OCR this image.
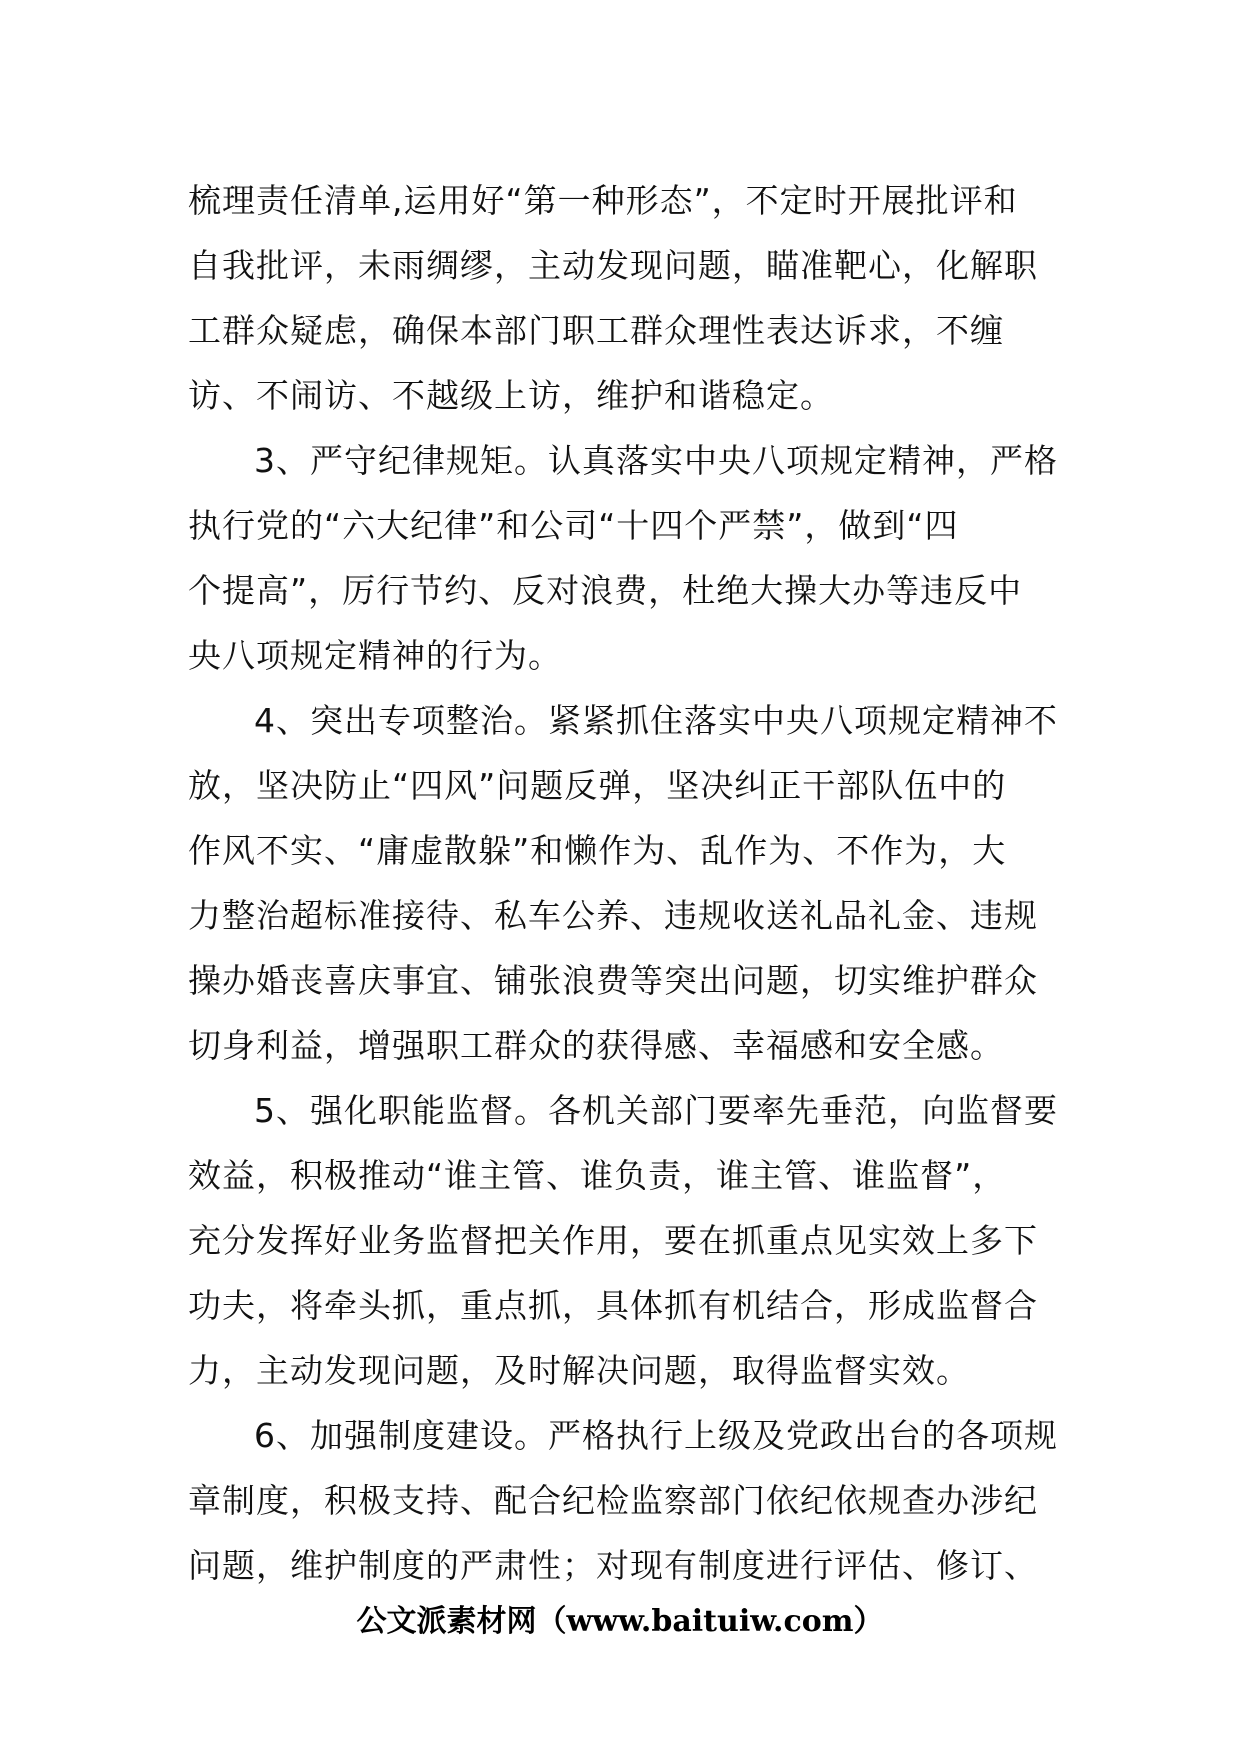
梳理责任清单,运用好“第一种形态”，不定时开展批评和
自我批评，未雨绸缪，主动发现问题，瞄准靶心，化解职
工群众疑虑，确保本部门职工群众理性表达诉求，不缠
访、不闹访、不越级上访，维护和谐稳定。
3、严守纪律规矩。认真落实中央八项规定精神，严格
执行党的“六大纪律”和公司“十四个严禁”，做到“四
个提高”，厉行节约、反对浪费，杜绝大操大办等违反中
央八项规定精神的行为。
4、突出专项整治。紧紧抓住落实中央八项规定精神不
放，坚决防止“四风”问题反弹，坚决纠正干部队伍中的
作风不实、“庸虚散躲”和懒作为、乱作为、不作为，大
力整治超标准接待、私车公养、违规收送礼品礼金、违规
操办婚丧喜庆事宜、铺张浪费等突出问题，切实维护群众
切身利益，增强职工群众的获得感、幸福感和安全感。
5、强化职能监督。各机关部门要率先垂范，向监督要
效益，积极推动“谁主管、谁负责，谁主管、谁监督”，
充分发挥好业务监督把关作用，要在抓重点见实效上多下
功夫，将牵头抓，重点抓，具体抓有机结合，形成监督合
力，主动发现问题，及时解决问题，取得监督实效。
6、加强制度建设。严格执行上级及党政出台的各项规
章制度，积极支持、配合纪检监察部门依纪依规查办涉纪
问题，维护制度的严肃性；对现有制度进行评估、修订、
公文派素材网（www.baituiw.com）
